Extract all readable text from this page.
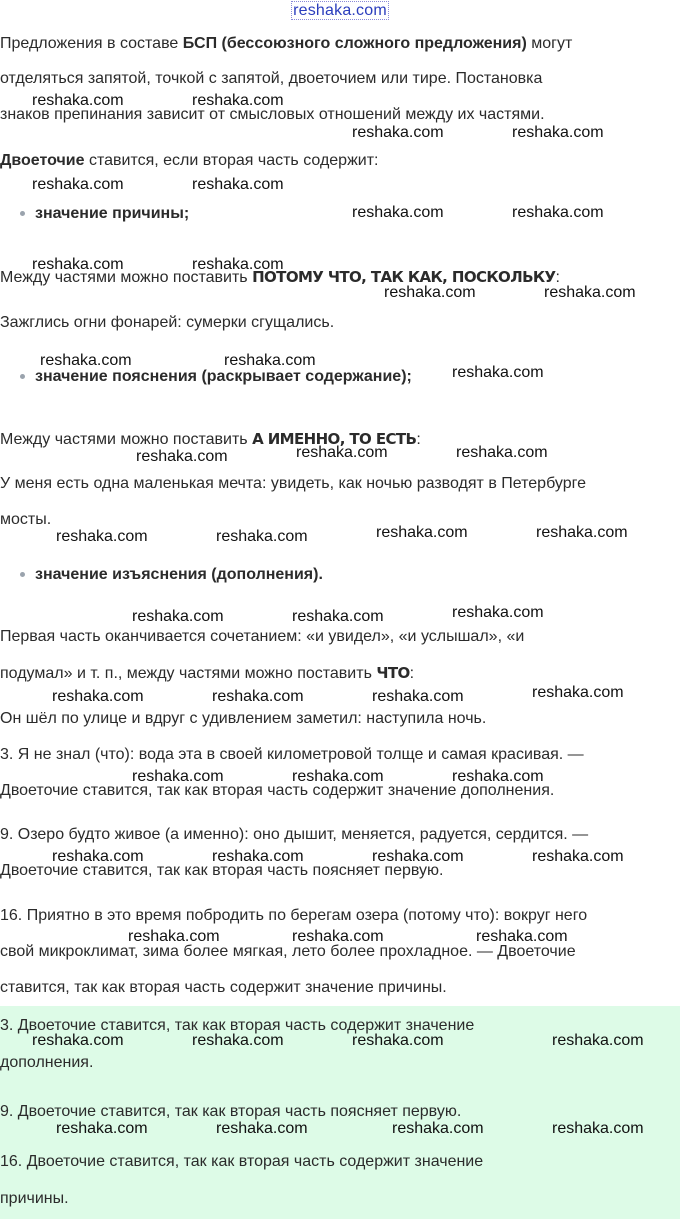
reshaka.com

Предложения в составе БСП (бессоюзного сложного предложения) могут

отделяться запятой, точкой с запятой, двоеточием или тире. Постановка

знаков препинания зависит от смысловых отношений между их частями.

Двоеточие ставится, если вторая часть содержит:

значение причины;

Между частями можно поставить ПОТОМУ ЧТО, ТАК КАК, ПОСКОЛЬКУ:

Зажглись огни фонарей: сумерки сгущались.

значение пояснения (раскрывает содержание);

Между частями можно поставить А ИМЕННО, ТО ЕСТЬ:

У меня есть одна маленькая мечта: увидеть, как ночью разводят в Петербурге

мосты.

значение изъяснения (дополнения).

Первая часть оканчивается сочетанием: «и увидел», «и услышал», «и

подумал» и т. п., между частями можно поставить ЧТО:

Он шёл по улице и вдруг с удивлением заметил: наступила ночь.

3. Я не знал (что): вода эта в своей километровой толще и самая красивая. —

Двоеточие ставится, так как вторая часть содержит значение дополнения.

9. Озеро будто живое (а именно): оно дышит, меняется, радуется, сердится. —

Двоеточие ставится, так как вторая часть поясняет первую.

16. Приятно в это время побродить по берегам озера (потому что): вокруг него

свой микроклимат, зима более мягкая, лето более прохладное. — Двоеточие

ставится, так как вторая часть содержит значение причины.

3. Двоеточие ставится, так как вторая часть содержит значение

дополнения.

9. Двоеточие ставится, так как вторая часть поясняет первую.

16. Двоеточие ставится, так как вторая часть содержит значение

причины.

reshaka.com	reshaka.com
reshaka.com	reshaka.com
reshaka.com	reshaka.com
reshaka.com	reshaka.com
reshaka.com	reshaka.com
reshaka.com	reshaka.com
reshaka.com	reshaka.com
reshaka.com
reshaka.com	reshaka.com
reshaka.com
reshaka.com	reshaka.com
reshaka.com	reshaka.com
reshaka.com
reshaka.com	reshaka.com
reshaka.com
reshaka.com	reshaka.com	reshaka.com
reshaka.com	reshaka.com	reshaka.com
reshaka.com	reshaka.com	reshaka.com	reshaka.com
reshaka.com	reshaka.com	reshaka.com
reshaka.com	reshaka.com	reshaka.com	reshaka.com
reshaka.com	reshaka.com	reshaka.com	reshaka.com
